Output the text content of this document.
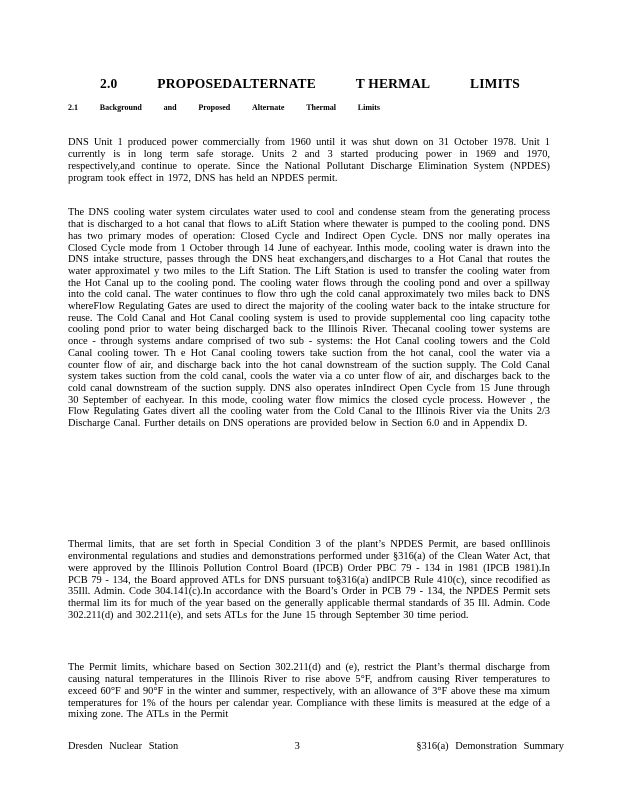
2.0	PROPOSEDALTERNATE	T HERMAL	LIMITS
2.1	Background	and	Proposed	Alternate	Thermal	Limits

DNS Unit 1 produced power commercially from 1960 until it was shut down on 31 October 1978. Unit 1 currently is in long term safe storage. Units 2 and 3 started producing power in 1969 and 1970, respectively,and continue to operate. Since the National Pollutant Discharge Elimination System (NPDES) program took effect in 1972, DNS has held an NPDES permit.

The DNS cooling water system circulates water used to cool and condense steam from the generating process that is discharged to a hot canal that flows to aLift Station where thewater is pumped to the cooling pond. DNS has two primary modes of operation: Closed Cycle and Indirect Open Cycle. DNS nor mally operates ina Closed Cycle mode from 1 October through 14 June of eachyear. Inthis mode, cooling water is drawn into the DNS intake structure, passes through the DNS heat exchangers,and discharges to a Hot Canal that routes the water approximatel y two miles to the Lift Station. The Lift Station is used to transfer the cooling water from the Hot Canal up to the cooling pond. The cooling water flows through the cooling pond and over a spillway into the cold canal. The water continues to flow thro ugh the cold canal approximately two miles back to DNS whereFlow Regulating Gates are used to direct the majority of the cooling water back to the intake structure for reuse. The Cold Canal and Hot Canal cooling system is used to provide supplemental coo ling capacity tothe cooling pond prior to water being discharged back to the Illinois River. Thecanal cooling tower systems are once - through systems andare comprised of two sub - systems: the Hot Canal cooling towers and the Cold Canal cooling tower. Th e Hot Canal cooling towers take suction from the hot canal, cool the water via a counter flow of air, and discharge back into the hot canal downstream of the suction supply. The Cold Canal system takes suction from the cold canal, cools the water via a co unter flow of air, and discharges back to the cold canal downstream of the suction supply. DNS also operates inIndirect Open Cycle from 15 June through 30 September of eachyear. In this mode, cooling water flow mimics the closed cycle process. However , the Flow Regulating Gates divert all the cooling water from the Cold Canal to the Illinois River via the Units 2/3 Discharge Canal. Further details on DNS operations are provided below in Section 6.0 and in Appendix D.

Thermal limits, that are set forth in Special Condition 3 of the plant’s NPDES Permit, are based onIllinois environmental regulations and studies and demonstrations performed under §316(a) of the Clean Water Act, that were approved by the Illinois Pollution Control Board (IPCB) Order PBC 79 - 134 in 1981 (IPCB 1981).In PCB 79 - 134, the Board approved ATLs for DNS pursuant to§316(a) andIPCB Rule 410(c), since recodified as 35Ill. Admin. Code 304.141(c).In accordance with the Board’s Order in PCB 79 - 134, the NPDES Permit sets thermal lim its for much of the year based on the generally applicable thermal standards of 35 Ill. Admin. Code 302.211(d) and 302.211(e), and sets ATLs for the June 15 through September 30 time period.

The Permit limits, whichare based on Section 302.211(d) and (e), restrict the Plant’s thermal discharge from causing natural temperatures in the Illinois River to rise above 5°F, andfrom causing River temperatures to exceed 60°F and 90°F in the winter and summer, respectively, with an allowance of 3°F above these ma ximum temperatures for 1% of the hours per calendar year. Compliance with these limits is measured at the edge of a mixing zone. The ATLs in the Permit

Dresden Nuclear Station	3	§316(a) Demonstration Summary
